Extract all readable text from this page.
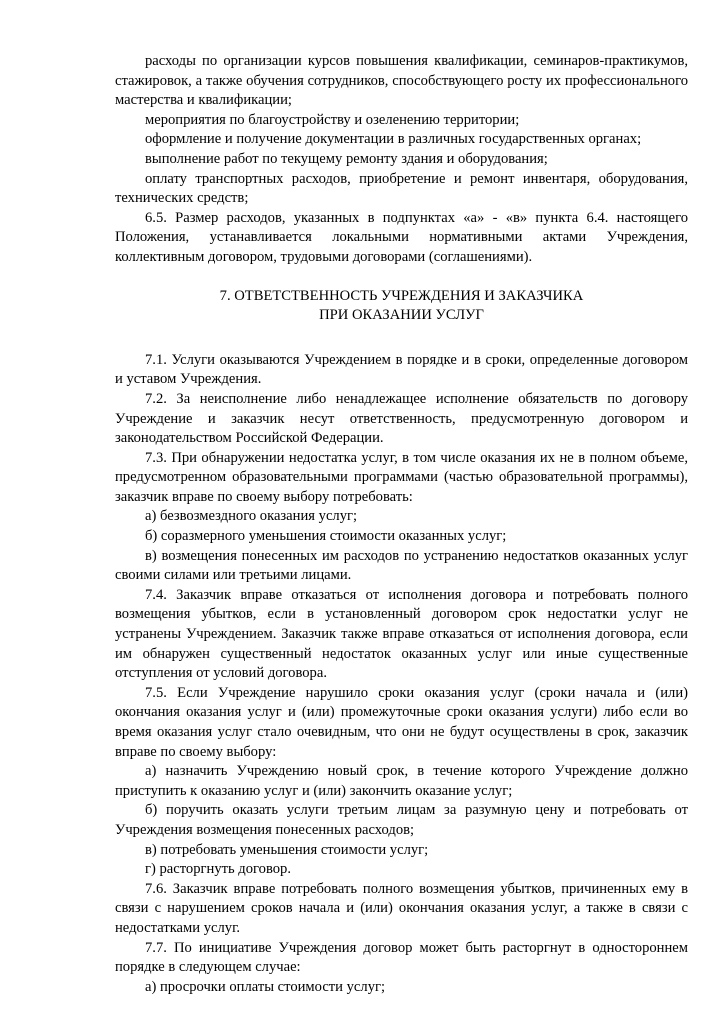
расходы по организации курсов повышения квалификации, семинаров-практикумов, стажировок, а также обучения сотрудников, способствующего росту их профессионального мастерства и квалификации;

мероприятия по благоустройству и озеленению территории;

оформление и получение документации в различных государственных органах;

выполнение работ по текущему ремонту здания и оборудования;

оплату транспортных расходов, приобретение и ремонт инвентаря, оборудования, технических средств;

6.5. Размер расходов, указанных в подпунктах «а» - «в» пункта 6.4. настоящего Положения, устанавливается локальными нормативными актами Учреждения, коллективным договором, трудовыми договорами (соглашениями).

7. ОТВЕТСТВЕННОСТЬ УЧРЕЖДЕНИЯ И ЗАКАЗЧИКА

ПРИ ОКАЗАНИИ УСЛУГ

7.1. Услуги оказываются Учреждением в порядке и в сроки, определенные договором и уставом Учреждения.

7.2. За неисполнение либо ненадлежащее исполнение обязательств по договору Учреждение и заказчик несут ответственность, предусмотренную договором и законодательством Российской Федерации.

7.3. При обнаружении недостатка услуг, в том числе оказания их не в полном объеме, предусмотренном образовательными программами (частью образовательной программы), заказчик вправе по своему выбору потребовать:

а) безвозмездного оказания услуг;

б) соразмерного уменьшения стоимости оказанных услуг;

в) возмещения понесенных им расходов по устранению недостатков оказанных услуг своими силами или третьими лицами.

7.4. Заказчик вправе отказаться от исполнения договора и потребовать полного возмещения убытков, если в установленный договором срок недостатки услуг не устранены Учреждением. Заказчик также вправе отказаться от исполнения договора, если им обнаружен существенный недостаток оказанных услуг или иные существенные отступления от условий договора.

7.5. Если Учреждение нарушило сроки оказания услуг (сроки начала и (или) окончания оказания услуг и (или) промежуточные сроки оказания услуги) либо если во время оказания услуг стало очевидным, что они не будут осуществлены в срок, заказчик вправе по своему выбору:

а) назначить Учреждению новый срок, в течение которого Учреждение должно приступить к оказанию услуг и (или) закончить оказание услуг;

б) поручить оказать услуги третьим лицам за разумную цену и потребовать от Учреждения возмещения понесенных расходов;

в) потребовать уменьшения стоимости услуг;

г) расторгнуть договор.

7.6. Заказчик вправе потребовать полного возмещения убытков, причиненных ему в связи с нарушением сроков начала и (или) окончания оказания услуг, а также в связи с недостатками услуг.

7.7. По инициативе Учреждения договор может быть расторгнут в одностороннем порядке в следующем случае:

а) просрочки оплаты стоимости услуг;
